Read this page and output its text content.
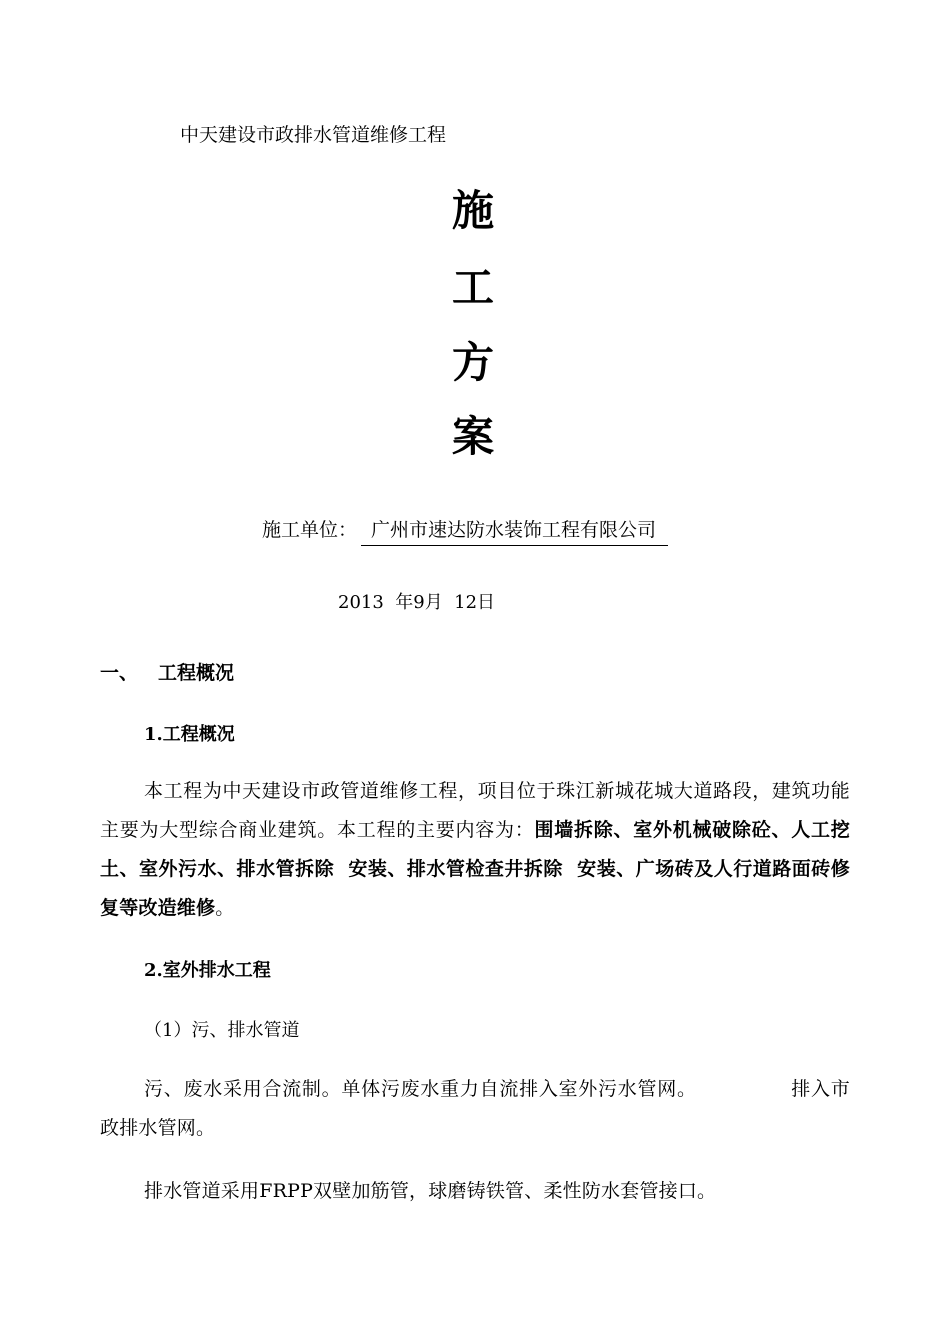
中天建设市政排水管道维修工程
施
工
方
案
施工单位： 广州市速达防水装饰工程有限公司
2013  年9月  12日
一、 工程概况
1.工程概况
本工程为中天建设市政管道维修工程，项目位于珠江新城花城大道路段，建筑功能主要为大型综合商业建筑。本工程的主要内容为：围墙拆除、室外机械破除砼、人工挖土、室外污水、排水管拆除  安装、排水管检查井拆除  安装、广场砖及人行道路面砖修复等改造维修。
2.室外排水工程
（1）污、排水管道
污、废水采用合流制。单体污废水重力自流排入室外污水管网。	排入市政排水管网。
排水管道采用FRPP双壁加筋管，球磨铸铁管、柔性防水套管接口。
